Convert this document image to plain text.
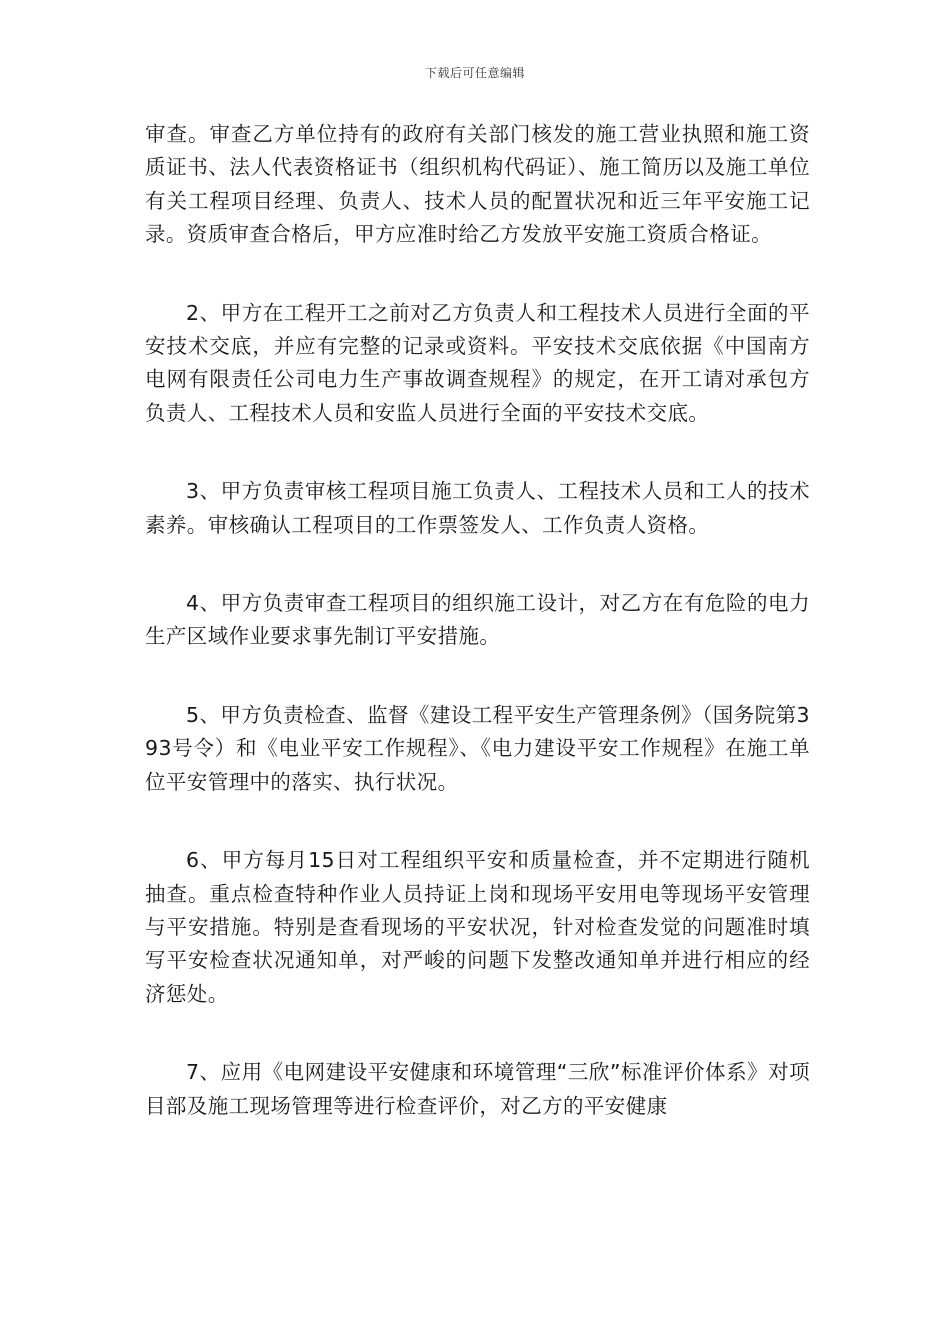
下载后可任意编辑

审查。审查乙方单位持有的政府有关部门核发的施工营业执照和施工资质证书、法人代表资格证书（组织机构代码证）、施工简历以及施工单位有关工程项目经理、负责人、技术人员的配置状况和近三年平安施工记录。资质审查合格后，甲方应准时给乙方发放平安施工资质合格证。

2、甲方在工程开工之前对乙方负责人和工程技术人员进行全面的平安技术交底，并应有完整的记录或资料。平安技术交底依据《中国南方电网有限责任公司电力生产事故调查规程》的规定，在开工请对承包方负责人、工程技术人员和安监人员进行全面的平安技术交底。

3、甲方负责审核工程项目施工负责人、工程技术人员和工人的技术素养。审核确认工程项目的工作票签发人、工作负责人资格。

4、甲方负责审查工程项目的组织施工设计，对乙方在有危险的电力生产区域作业要求事先制订平安措施。

5、甲方负责检查、监督《建设工程平安生产管理条例》（国务院第393号令）和《电业平安工作规程》、《电力建设平安工作规程》在施工单位平安管理中的落实、执行状况。

6、甲方每月15日对工程组织平安和质量检查，并不定期进行随机抽查。重点检查特种作业人员持证上岗和现场平安用电等现场平安管理与平安措施。特别是查看现场的平安状况，针对检查发觉的问题准时填写平安检查状况通知单，对严峻的问题下发整改通知单并进行相应的经济惩处。

7、应用《电网建设平安健康和环境管理“三欣”标准评价体系》对项目部及施工现场管理等进行检查评价，对乙方的平安健康
